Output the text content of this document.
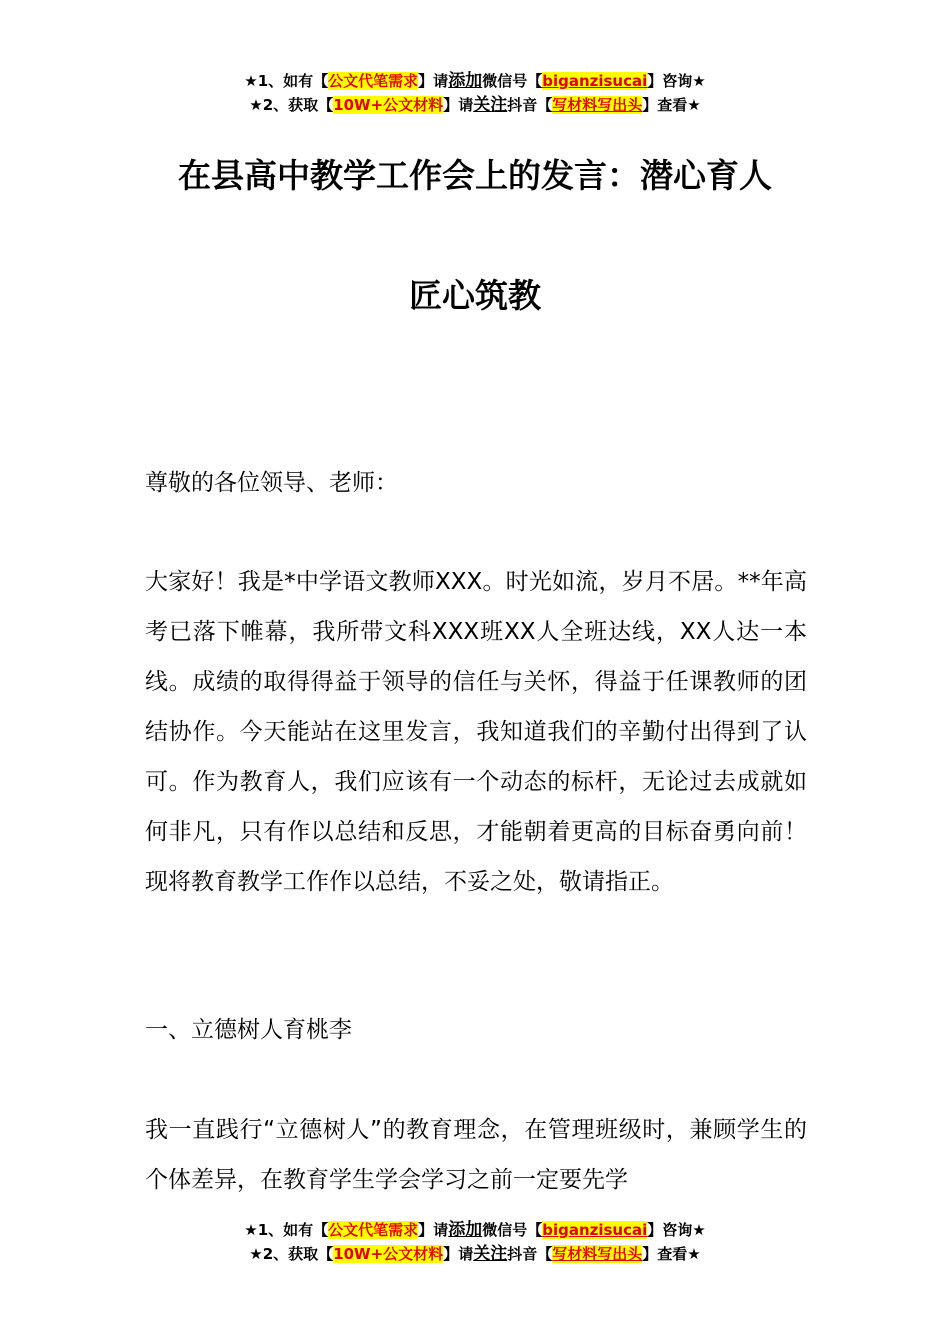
★1、如有【公文代笔需求】请添加微信号【biganzisucai】咨询★
★2、获取【10W+公文材料】请关注抖音【写材料写出头】查看★
在县高中教学工作会上的发言：潜心育人
匠心筑教

尊敬的各位领导、老师：

大家好！我是*中学语文教师XXX。时光如流，岁月不居。**年高考已落下帷幕，我所带文科XXX班XX人全班达线，XX人达一本线。成绩的取得得益于领导的信任与关怀，得益于任课教师的团结协作。今天能站在这里发言，我知道我们的辛勤付出得到了认可。作为教育人，我们应该有一个动态的标杆，无论过去成就如何非凡，只有作以总结和反思，才能朝着更高的目标奋勇向前！现将教育教学工作作以总结，不妥之处，敬请指正。

一、立德树人育桃李

我一直践行“立德树人”的教育理念，在管理班级时，兼顾学生的个体差异，在教育学生学会学习之前一定要先学

★1、如有【公文代笔需求】请添加微信号【biganzisucai】咨询★
★2、获取【10W+公文材料】请关注抖音【写材料写出头】查看★
